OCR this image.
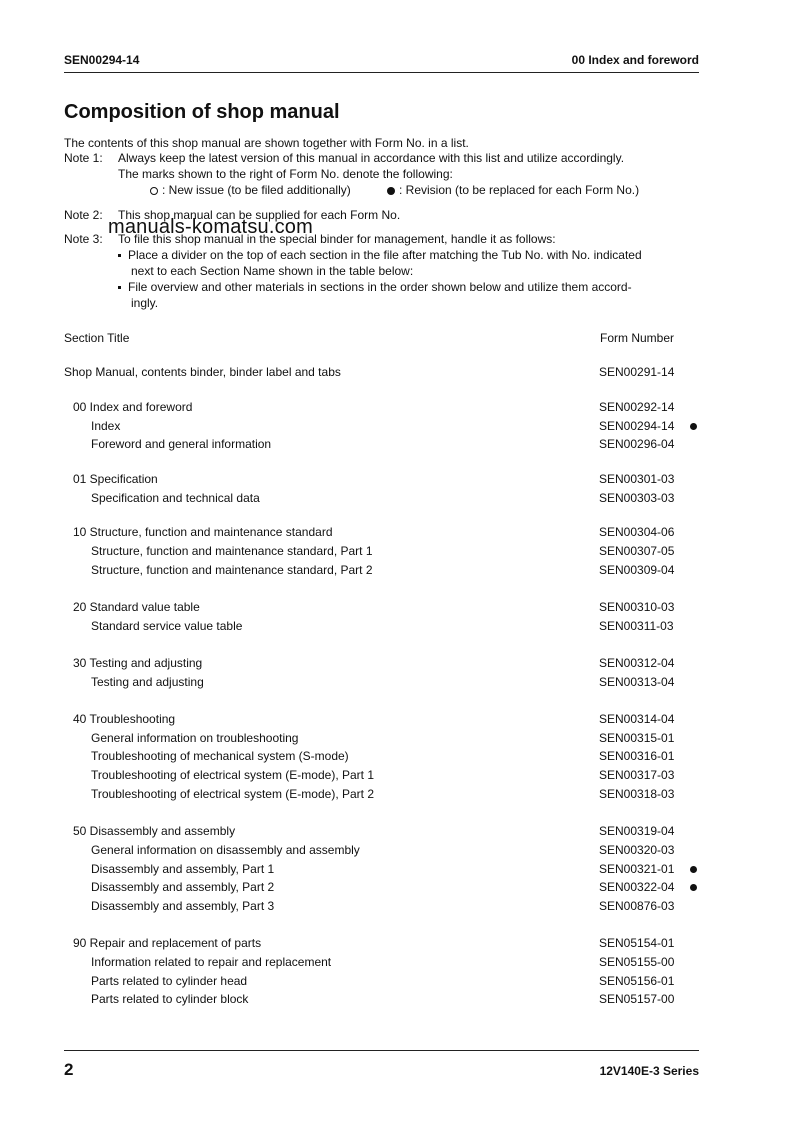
SEN00294-14	00 Index and foreword
Composition of shop manual
The contents of this shop manual are shown together with Form No. in a list.
Note 1: Always keep the latest version of this manual in accordance with this list and utilize accordingly.
The marks shown to the right of Form No. denote the following:
: New issue (to be filed additionally)	: Revision (to be replaced for each Form No.)
Note 2: This shop manual can be supplied for each Form No.
Note 3: To file this shop manual in the special binder for management, handle it as follows:
Place a divider on the top of each section in the file after matching the Tub No. with No. indicated
next to each Section Name shown in the table below:
File overview and other materials in sections in the order shown below and utilize them accord-
ingly.
manuals-komatsu.com
Section Title	Form Number
Shop Manual, contents binder, binder label and tabs	SEN00291-14
00 Index and foreword	SEN00292-14
Index	SEN00294-14
Foreword and general information	SEN00296-04
01 Specification	SEN00301-03
Specification and technical data	SEN00303-03
10 Structure, function and maintenance standard	SEN00304-06
Structure, function and maintenance standard, Part 1	SEN00307-05
Structure, function and maintenance standard, Part 2	SEN00309-04
20 Standard value table	SEN00310-03
Standard service value table	SEN00311-03
30 Testing and adjusting	SEN00312-04
Testing and adjusting	SEN00313-04
40 Troubleshooting	SEN00314-04
General information on troubleshooting	SEN00315-01
Troubleshooting of mechanical system (S-mode)	SEN00316-01
Troubleshooting of electrical system (E-mode), Part 1	SEN00317-03
Troubleshooting of electrical system (E-mode), Part 2	SEN00318-03
50 Disassembly and assembly	SEN00319-04
General information on disassembly and assembly	SEN00320-03
Disassembly and assembly, Part 1	SEN00321-01
Disassembly and assembly, Part 2	SEN00322-04
Disassembly and assembly, Part 3	SEN00876-03
90 Repair and replacement of parts	SEN05154-01
Information related to repair and replacement	SEN05155-00
Parts related to cylinder head	SEN05156-01
Parts related to cylinder block	SEN05157-00
2	12V140E-3 Series
